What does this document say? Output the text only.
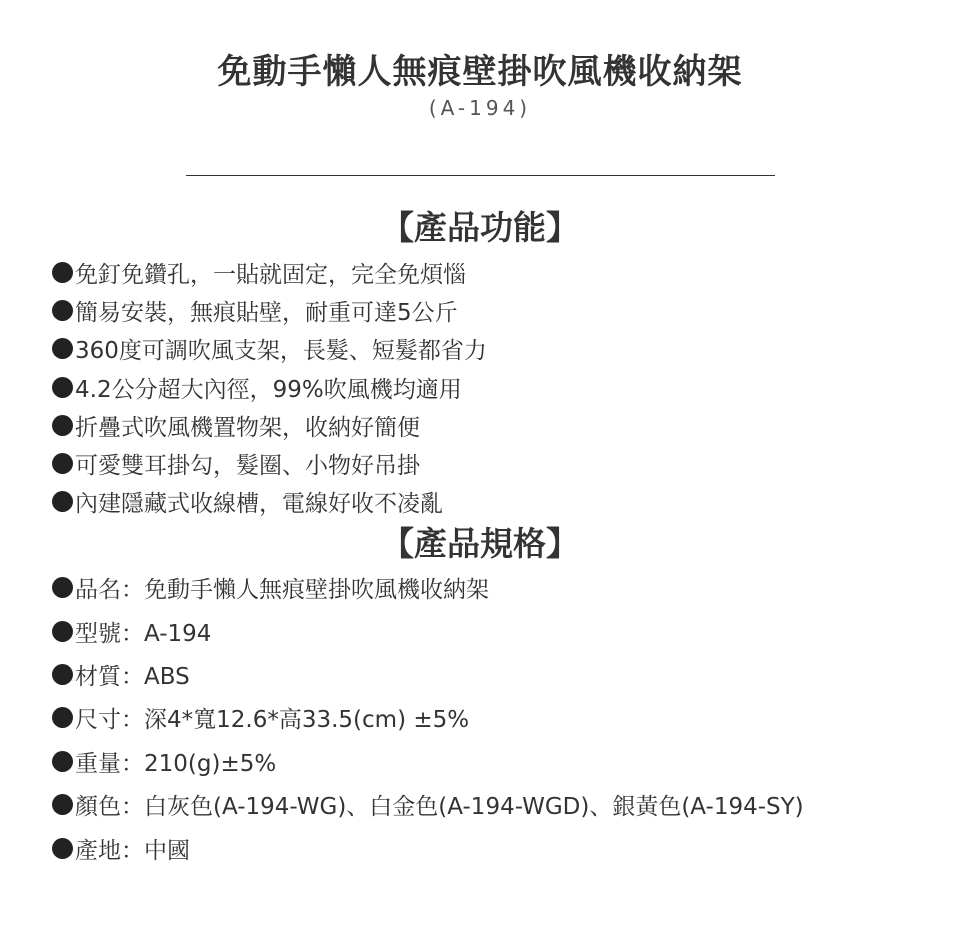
免動手懶人無痕壁掛吹風機收納架
(A-194)
【產品功能】
免釘免鑽孔，一貼就固定，完全免煩惱
簡易安裝，無痕貼壁，耐重可達5公斤
360度可調吹風支架，長髮、短髮都省力
4.2公分超大內徑，99%吹風機均適用
折疊式吹風機置物架，收納好簡便
可愛雙耳掛勾，髮圈、小物好吊掛
內建隱藏式收線槽，電線好收不凌亂
【產品規格】
品名：免動手懶人無痕壁掛吹風機收納架
型號：A-194
材質：ABS
尺寸：深4*寬12.6*高33.5(cm) ±5%
重量：210(g)±5%
顏色：白灰色(A-194-WG)、白金色(A-194-WGD)、銀黃色(A-194-SY)
產地：中國
